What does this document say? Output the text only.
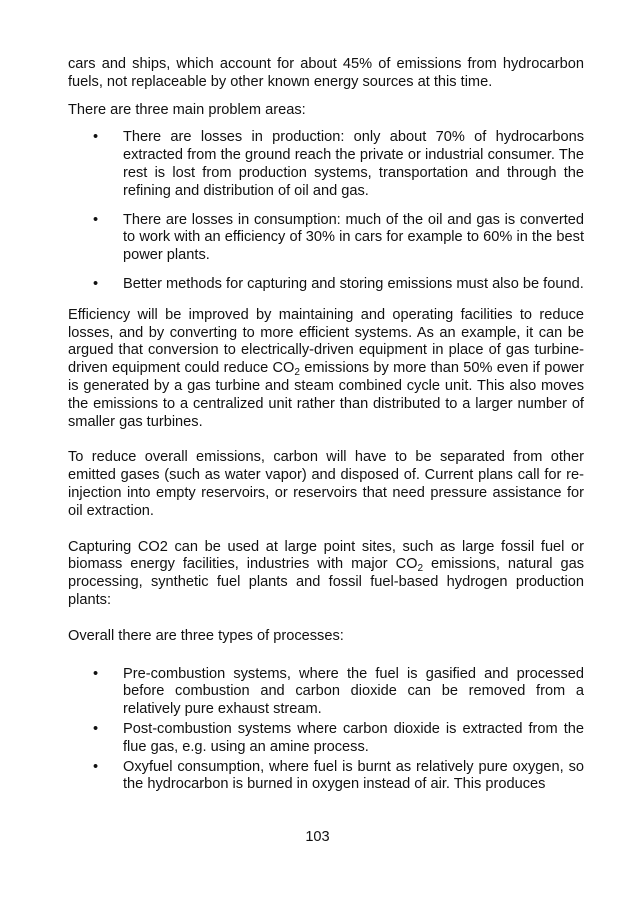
cars and ships, which account for about 45% of emissions from hydrocarbon fuels, not replaceable by other known energy sources at this time.

There are three main problem areas:

• There are losses in production: only about 70% of hydrocarbons extracted from the ground reach the private or industrial consumer. The rest is lost from production systems, transportation and through the refining and distribution of oil and gas.
• There are losses in consumption: much of the oil and gas is converted to work with an efficiency of 30% in cars for example to 60% in the best power plants.
• Better methods for capturing and storing emissions must also be found.

Efficiency will be improved by maintaining and operating facilities to reduce losses, and by converting to more efficient systems. As an example, it can be argued that conversion to electrically-driven equipment in place of gas turbine-driven equipment could reduce $CO_2$ emissions by more than 50% even if power is generated by a gas turbine and steam combined cycle unit. This also moves the emissions to a centralized unit rather than distributed to a larger number of smaller gas turbines.

To reduce overall emissions, carbon will have to be separated from other emitted gases (such as water vapor) and disposed of. Current plans call for re-injection into empty reservoirs, or reservoirs that need pressure assistance for oil extraction.

Capturing CO2 can be used at large point sites, such as large fossil fuel or biomass energy facilities, industries with major $CO_2$ emissions, natural gas processing, synthetic fuel plants and fossil fuel-based hydrogen production plants:

Overall there are three types of processes:

• Pre-combustion systems, where the fuel is gasified and processed before combustion and carbon dioxide can be removed from a relatively pure exhaust stream.
• Post-combustion systems where carbon dioxide is extracted from the flue gas, e.g. using an amine process.
• Oxyfuel consumption, where fuel is burnt as relatively pure oxygen, so the hydrocarbon is burned in oxygen instead of air. This produces
103
